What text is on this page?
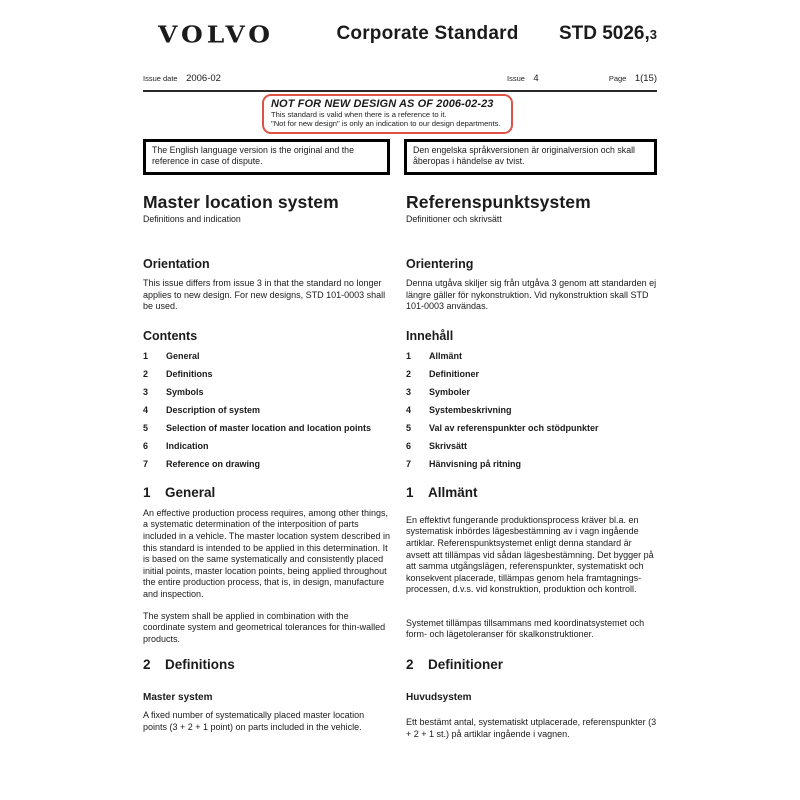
VOLVO	Corporate Standard	STD 5026,3
Issue date 2006-02	Issue 4	Page 1(15)
NOT FOR NEW DESIGN AS OF 2006-02-23
This standard is valid when there is a reference to it.
"Not for new design" is only an indication to our design departments.
The English language version is the original and the reference in case of dispute.
Den engelska språkversionen är originalversion och skall åberopas i händelse av tvist.
Master location system
Definitions and indication
Referenspunktsystem
Definitioner och skrivsätt
Orientation

This issue differs from issue 3 in that the standard no longer applies to new design. For new designs, STD 101-0003 shall be used.

Orientering

Denna utgåva skiljer sig från utgåva 3 genom att standarden ej längre gäller för nykonstruktion. Vid nykonstruktion skall STD 101-0003 användas.

Contents	Innehåll
1	General	1	Allmänt
2	Definitions	2	Definitioner
3	Symbols	3	Symboler
4	Description of system	4	Systembeskrivning
5	Selection of master location and location points	5	Val av referenspunkter och stödpunkter
6	Indication	6	Skrivsätt
7	Reference on drawing	7	Hänvisning på ritning
1	General	1	Allmänt

An effective production process requires, among other things, a systematic determination of the interposition of parts included in a vehicle. The master location system described in this standard is intended to be applied in this determination. It is based on the same systematically and consistently placed initial points, master location points, being applied throughout the entire production process, that is, in design, manufacture and inspection.

En effektivt fungerande produktionsprocess kräver bl.a. en systematisk inbördes lägesbestämning av i vagn ingående artiklar. Referenspunktsystemet enligt denna standard är avsett att tillämpas vid sådan lägesbestämning. Det bygger på att samma utgångslägen, referenspunkter, systematiskt och konsekvent placerade, tillämpas genom hela framtagningsprocessen, d.v.s. vid konstruktion, produktion och kontroll.

The system shall be applied in combination with the coordinate system and geometrical tolerances for thin-walled products.

Systemet tillämpas tillsammans med koordinatsystemet och form- och lägetoleranser för skalkonstruktioner.

2	Definitions	2	Definitioner
Master system	Huvudsystem

A fixed number of systematically placed master location points (3 + 2 + 1 point) on parts included in the vehicle.	Ett bestämt antal, systematiskt utplacerade, referenspunkter (3 + 2 + 1 st.) på artiklar ingående i vagnen.
